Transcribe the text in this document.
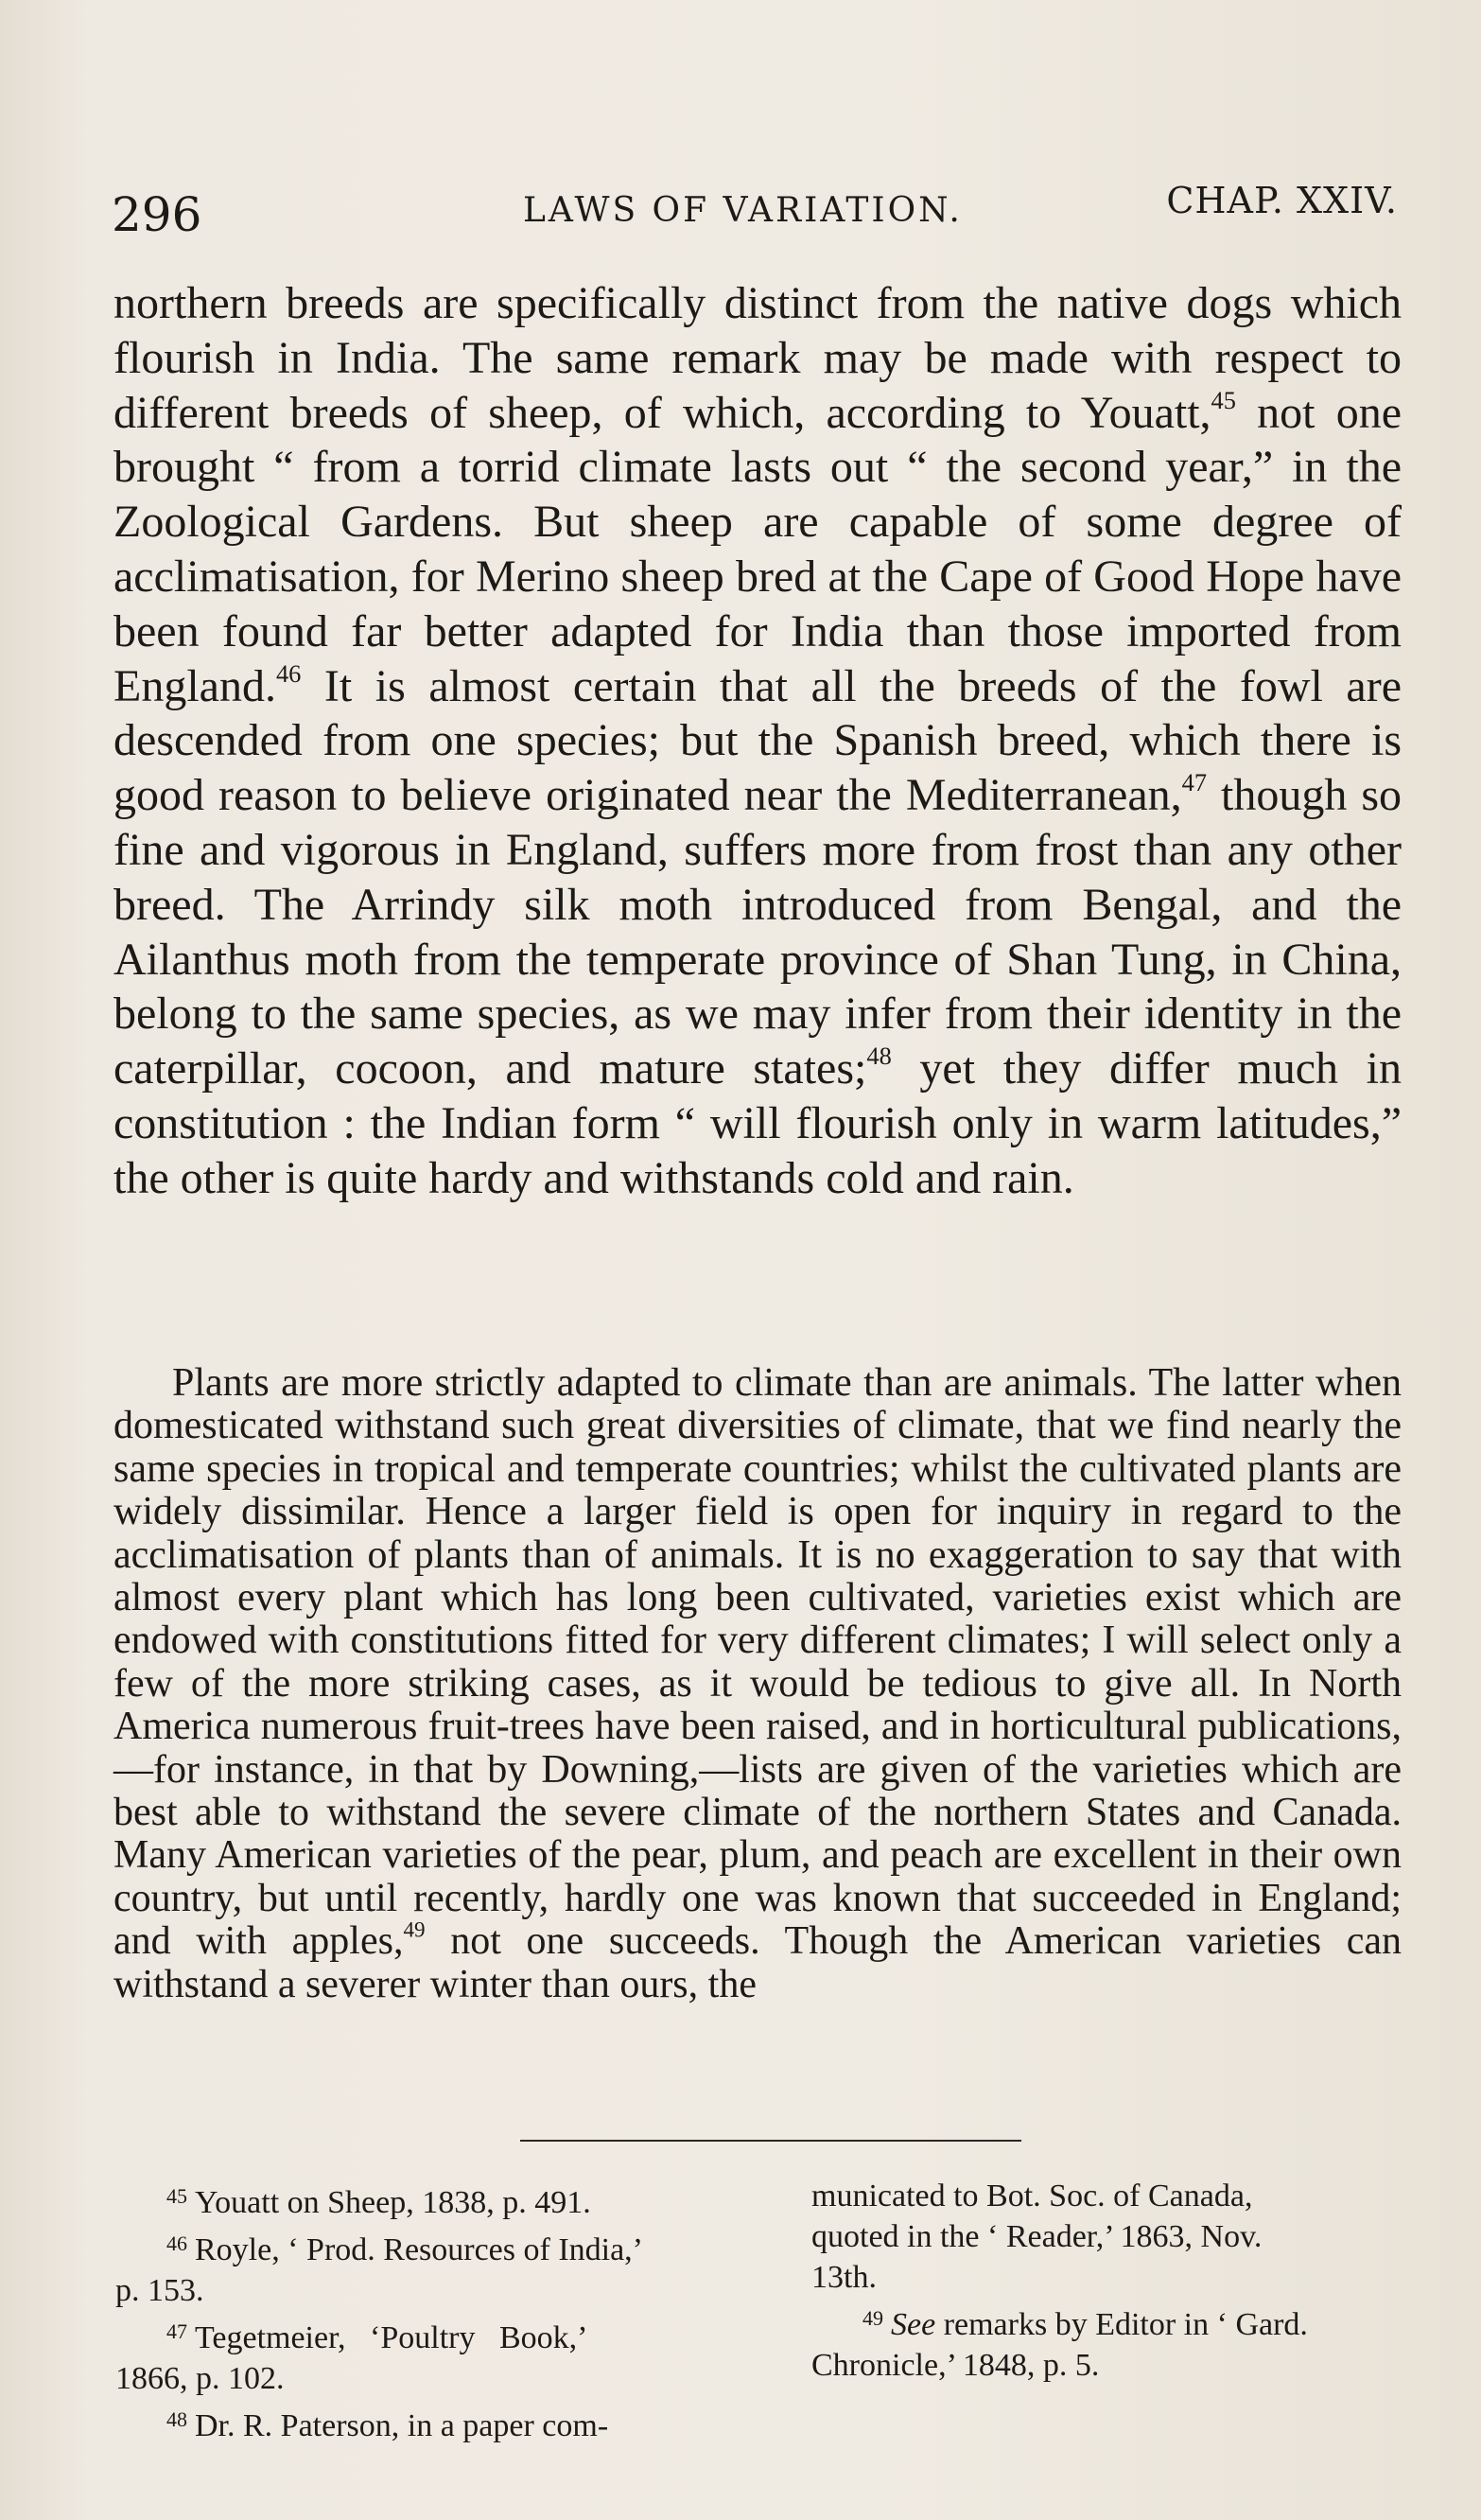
296	LAWS OF VARIATION.	CHAP. XXIV.

northern breeds are specifically distinct from the native dogs which flourish in India. The same remark may be made with respect to different breeds of sheep, of which, according to Youatt,$^{45}$ not one brought “ from a torrid climate lasts out “ the second year,” in the Zoological Gardens. But sheep are capable of some degree of acclimatisation, for Merino sheep bred at the Cape of Good Hope have been found far better adapted for India than those imported from England.$^{46}$ It is almost certain that all the breeds of the fowl are descended from one species; but the Spanish breed, which there is good reason to believe originated near the Mediterranean,$^{47}$ though so fine and vigorous in England, suffers more from frost than any other breed. The Arrindy silk moth introduced from Bengal, and the Ailanthus moth from the temperate province of Shan Tung, in China, belong to the same species, as we may infer from their identity in the caterpillar, cocoon, and mature states;$^{48}$ yet they differ much in constitution : the Indian form “ will flourish only in warm latitudes,” the other is quite hardy and withstands cold and rain.

Plants are more strictly adapted to climate than are animals. The latter when domesticated withstand such great diversities of climate, that we find nearly the same species in tropical and temperate countries; whilst the cultivated plants are widely dissimilar. Hence a larger field is open for inquiry in regard to the acclimatisation of plants than of animals. It is no exaggeration to say that with almost every plant which has long been cultivated, varieties exist which are endowed with constitutions fitted for very different climates; I will select only a few of the more striking cases, as it would be tedious to give all. In North America numerous fruit-trees have been raised, and in horticultural publications,—for instance, in that by Downing,—lists are given of the varieties which are best able to withstand the severe climate of the northern States and Canada. Many American varieties of the pear, plum, and peach are excellent in their own country, but until recently, hardly one was known that succeeded in England; and with apples,$^{49}$ not one succeeds. Though the American varieties can withstand a severer winter than ours, the

$^{45}$ Youatt on Sheep, 1838, p. 491.
$^{46}$ Royle, ‘ Prod. Resources of India,’
p. 153.
$^{47}$ Tegetmeier,   ‘Poultry   Book,’
1866, p. 102.
$^{48}$ Dr. R. Paterson, in a paper com-
municated to Bot. Soc. of Canada,
quoted in the ‘ Reader,’ 1863, Nov.
13th.
$^{49}$ See remarks by Editor in ‘ Gard.
Chronicle,’ 1848, p. 5.
